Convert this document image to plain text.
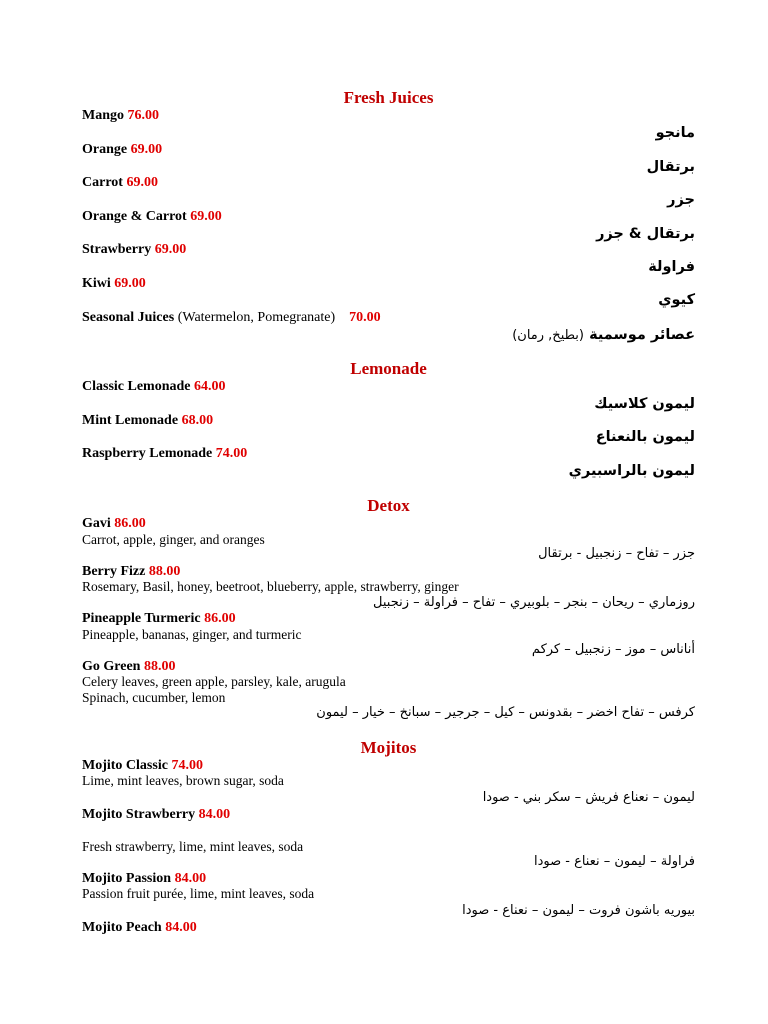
Fresh Juices
Mango 76.00
مانجو
Orange 69.00
برتقال
Carrot 69.00
جزر
Orange & Carrot 69.00
برتقال & جزر
Strawberry 69.00
فراولة
Kiwi 69.00
كيوي
Seasonal Juices (Watermelon, Pomegranate) 70.00
عصائر موسمية (بطيخ, رمان)
Lemonade
Classic Lemonade 64.00
ليمون كلاسيك
Mint Lemonade 68.00
ليمون بالنعناع
Raspberry Lemonade 74.00
ليمون بالراسبيري
Detox
Gavi 86.00
Carrot, apple, ginger, and oranges
جزر – تفاح – زنجبيل - برتقال
Berry Fizz 88.00
Rosemary, Basil, honey, beetroot, blueberry, apple, strawberry, ginger
روزماري – ريحان – بنجر – بلوبيري – تفاح – فراولة – زنجبيل
Pineapple Turmeric 86.00
Pineapple, bananas, ginger, and turmeric
أناناس – موز – زنجبيل – كركم
Go Green 88.00
Celery leaves, green apple, parsley, kale, arugula
Spinach, cucumber, lemon
كرفس – تفاح اخضر – بقدونس – كيل – جرجير – سبانخ – خيار – ليمون
Mojitos
Mojito Classic 74.00
Lime, mint leaves, brown sugar, soda
ليمون – نعناع فريش – سكر بني - صودا
Mojito Strawberry 84.00
Fresh strawberry, lime, mint leaves, soda
فراولة – ليمون – نعناع - صودا
Mojito Passion 84.00
Passion fruit purée, lime, mint leaves, soda
بيوريه باشون فروت – ليمون – نعناع - صودا
Mojito Peach 84.00
